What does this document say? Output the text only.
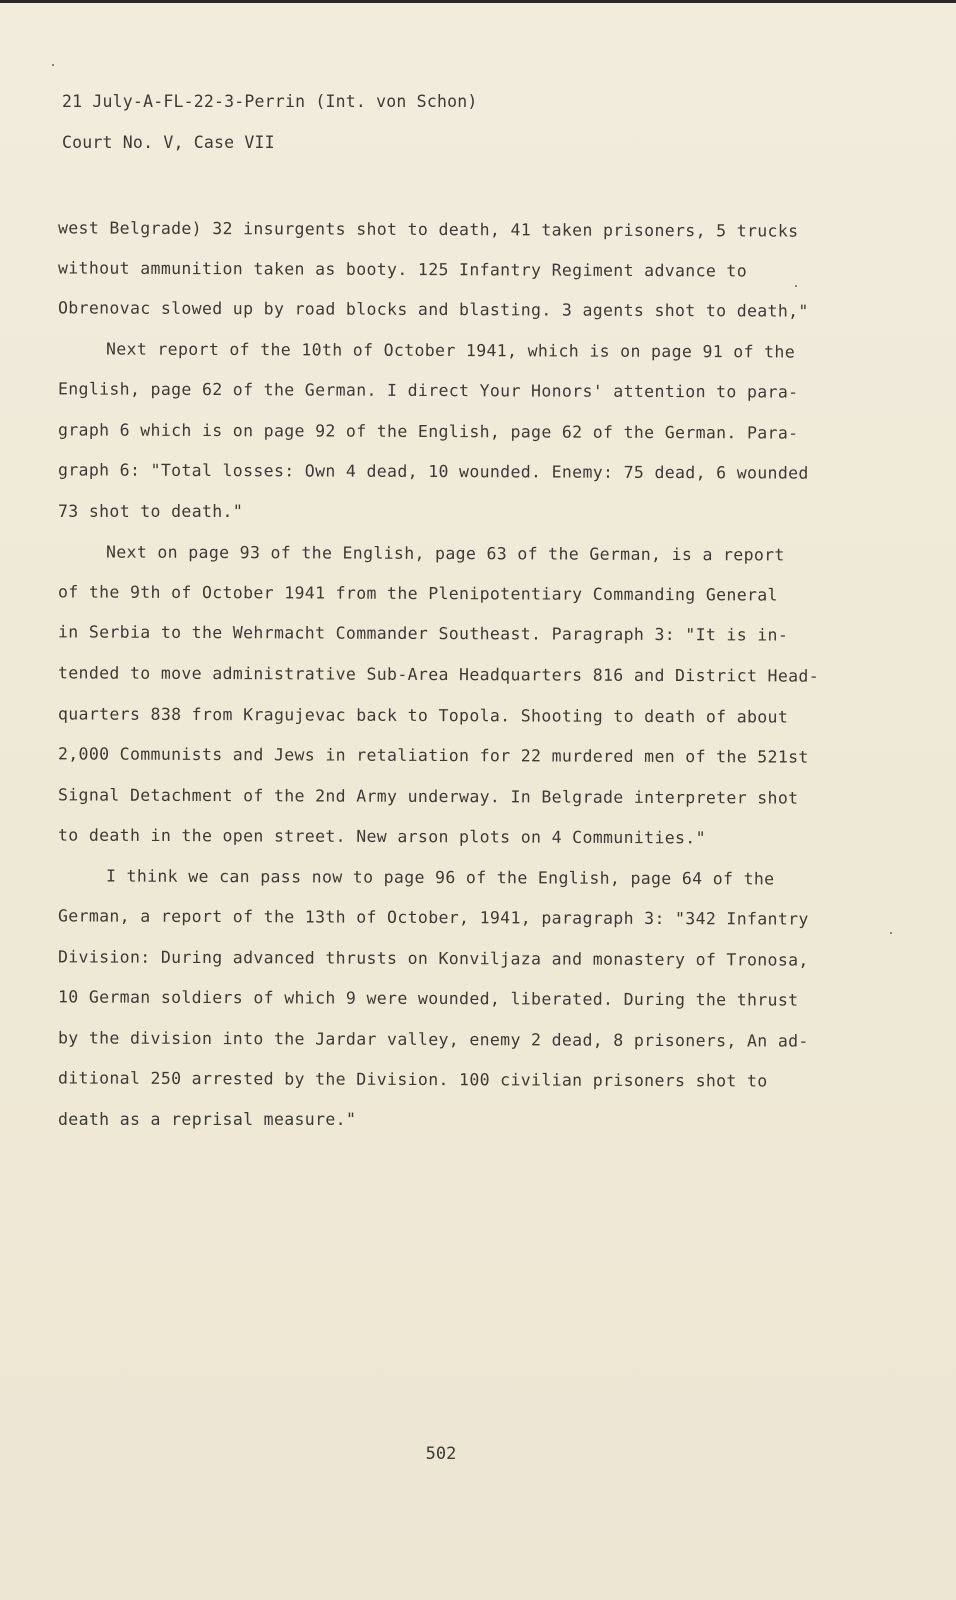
21 July-A-FL-22-3-Perrin (Int. von Schon)
Court No. V, Case VII
west Belgrade) 32 insurgents shot to death, 41 taken prisoners, 5 trucks
without ammunition taken as booty. 125 Infantry Regiment advance to
Obrenovac slowed up by road blocks and blasting. 3 agents shot to death,"
Next report of the 10th of October 1941, which is on page 91 of the
English, page 62 of the German. I direct Your Honors' attention to para-
graph 6 which is on page 92 of the English, page 62 of the German. Para-
graph 6: "Total losses: Own 4 dead, 10 wounded. Enemy: 75 dead, 6 wounded
73 shot to death."
Next on page 93 of the English, page 63 of the German, is a report
of the 9th of October 1941 from the Plenipotentiary Commanding General
in Serbia to the Wehrmacht Commander Southeast. Paragraph 3: "It is in-
tended to move administrative Sub-Area Headquarters 816 and District Head-
quarters 838 from Kragujevac back to Topola. Shooting to death of about
2,000 Communists and Jews in retaliation for 22 murdered men of the 521st
Signal Detachment of the 2nd Army underway. In Belgrade interpreter shot
to death in the open street. New arson plots on 4 Communities."
I think we can pass now to page 96 of the English, page 64 of the
German, a report of the 13th of October, 1941, paragraph 3: "342 Infantry
Division: During advanced thrusts on Konviljaza and monastery of Tronosa,
10 German soldiers of which 9 were wounded, liberated. During the thrust
by the division into the Jardar valley, enemy 2 dead, 8 prisoners, An ad-
ditional 250 arrested by the Division. 100 civilian prisoners shot to
death as a reprisal measure."
502
